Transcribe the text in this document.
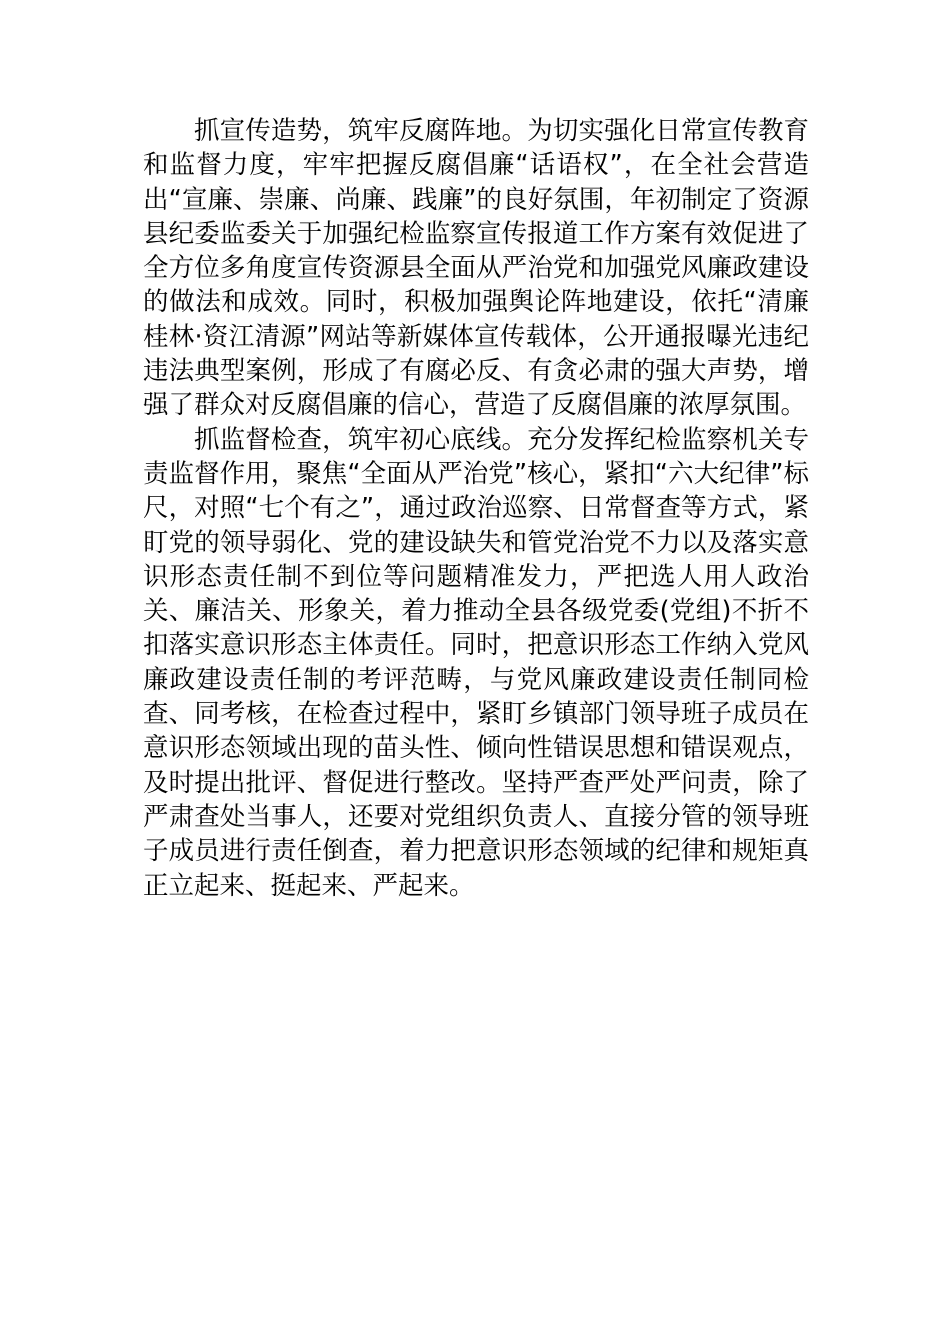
抓宣传造势，筑牢反腐阵地。为切实强化日常宣传教育和监督力度，牢牢把握反腐倡廉“话语权”，在全社会营造出“宣廉、崇廉、尚廉、践廉”的良好氛围，年初制定了资源县纪委监委关于加强纪检监察宣传报道工作方案有效促进了全方位多角度宣传资源县全面从严治党和加强党风廉政建设的做法和成效。同时，积极加强舆论阵地建设，依托“清廉桂林·资江清源”网站等新媒体宣传载体，公开通报曝光违纪违法典型案例，形成了有腐必反、有贪必肃的强大声势，增强了群众对反腐倡廉的信心，营造了反腐倡廉的浓厚氛围。

抓监督检查，筑牢初心底线。充分发挥纪检监察机关专责监督作用，聚焦“全面从严治党”核心，紧扣“六大纪律”标尺，对照“七个有之”，通过政治巡察、日常督查等方式，紧盯党的领导弱化、党的建设缺失和管党治党不力以及落实意识形态责任制不到位等问题精准发力，严把选人用人政治关、廉洁关、形象关，着力推动全县各级党委(党组)不折不扣落实意识形态主体责任。同时，把意识形态工作纳入党风廉政建设责任制的考评范畴，与党风廉政建设责任制同检查、同考核，在检查过程中，紧盯乡镇部门领导班子成员在意识形态领域出现的苗头性、倾向性错误思想和错误观点，及时提出批评、督促进行整改。坚持严查严处严问责，除了严肃查处当事人，还要对党组织负责人、直接分管的领导班子成员进行责任倒查，着力把意识形态领域的纪律和规矩真正立起来、挺起来、严起来。
